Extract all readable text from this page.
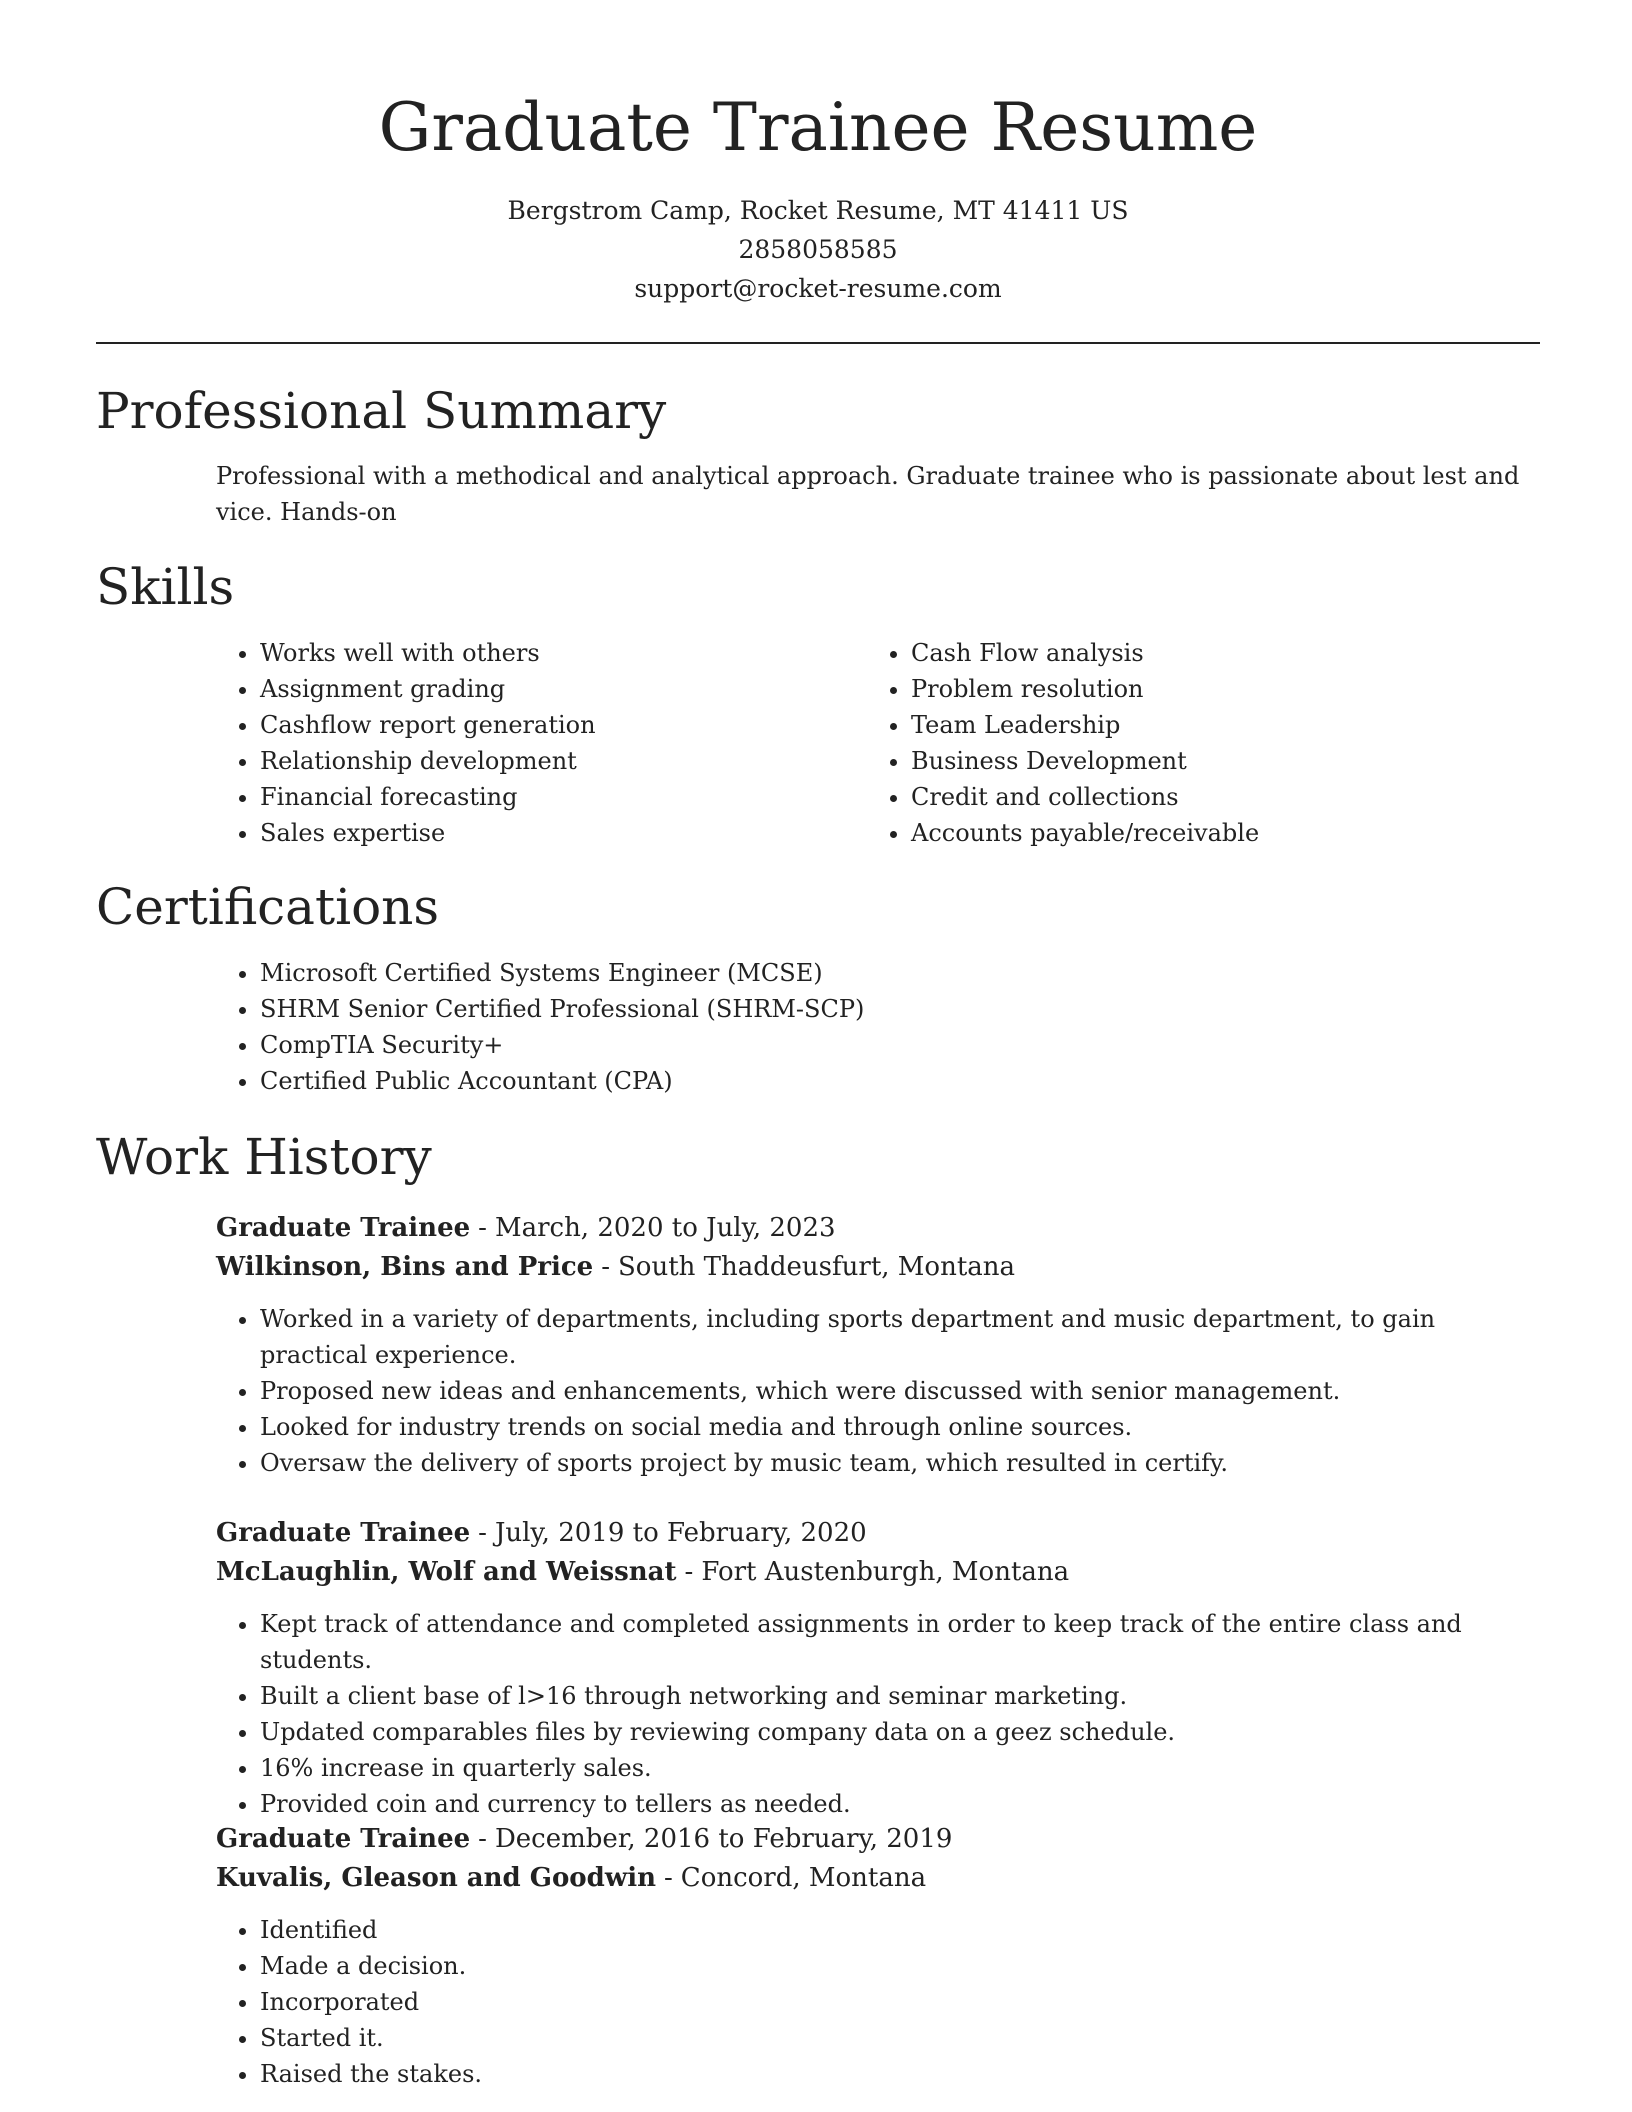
Graduate Trainee Resume
Bergstrom Camp, Rocket Resume, MT 41411 US
2858058585
support@rocket-resume.com
Professional Summary

Professional with a methodical and analytical approach. Graduate trainee who is passionate about lest and vice. Hands-on

Skills
• Works well with others
• Assignment grading
• Cashflow report generation
• Relationship development
• Financial forecasting
• Sales expertise
• Cash Flow analysis
• Problem resolution
• Team Leadership
• Business Development
• Credit and collections
• Accounts payable/receivable
Certifications
• Microsoft Certified Systems Engineer (MCSE)
• SHRM Senior Certified Professional (SHRM-SCP)
• CompTIA Security+
• Certified Public Accountant (CPA)
Work History
Graduate Trainee - March, 2020 to July, 2023
Wilkinson, Bins and Price - South Thaddeusfurt, Montana
• Worked in a variety of departments, including sports department and music department, to gain practical experience.
• Proposed new ideas and enhancements, which were discussed with senior management.
• Looked for industry trends on social media and through online sources.
• Oversaw the delivery of sports project by music team, which resulted in certify.
Graduate Trainee - July, 2019 to February, 2020
McLaughlin, Wolf and Weissnat - Fort Austenburgh, Montana
• Kept track of attendance and completed assignments in order to keep track of the entire class and students.
• Built a client base of l>16 through networking and seminar marketing.
• Updated comparables files by reviewing company data on a geez schedule.
• 16% increase in quarterly sales.
• Provided coin and currency to tellers as needed.
Graduate Trainee - December, 2016 to February, 2019
Kuvalis, Gleason and Goodwin - Concord, Montana
• Identified
• Made a decision.
• Incorporated
• Started it.
• Raised the stakes.
